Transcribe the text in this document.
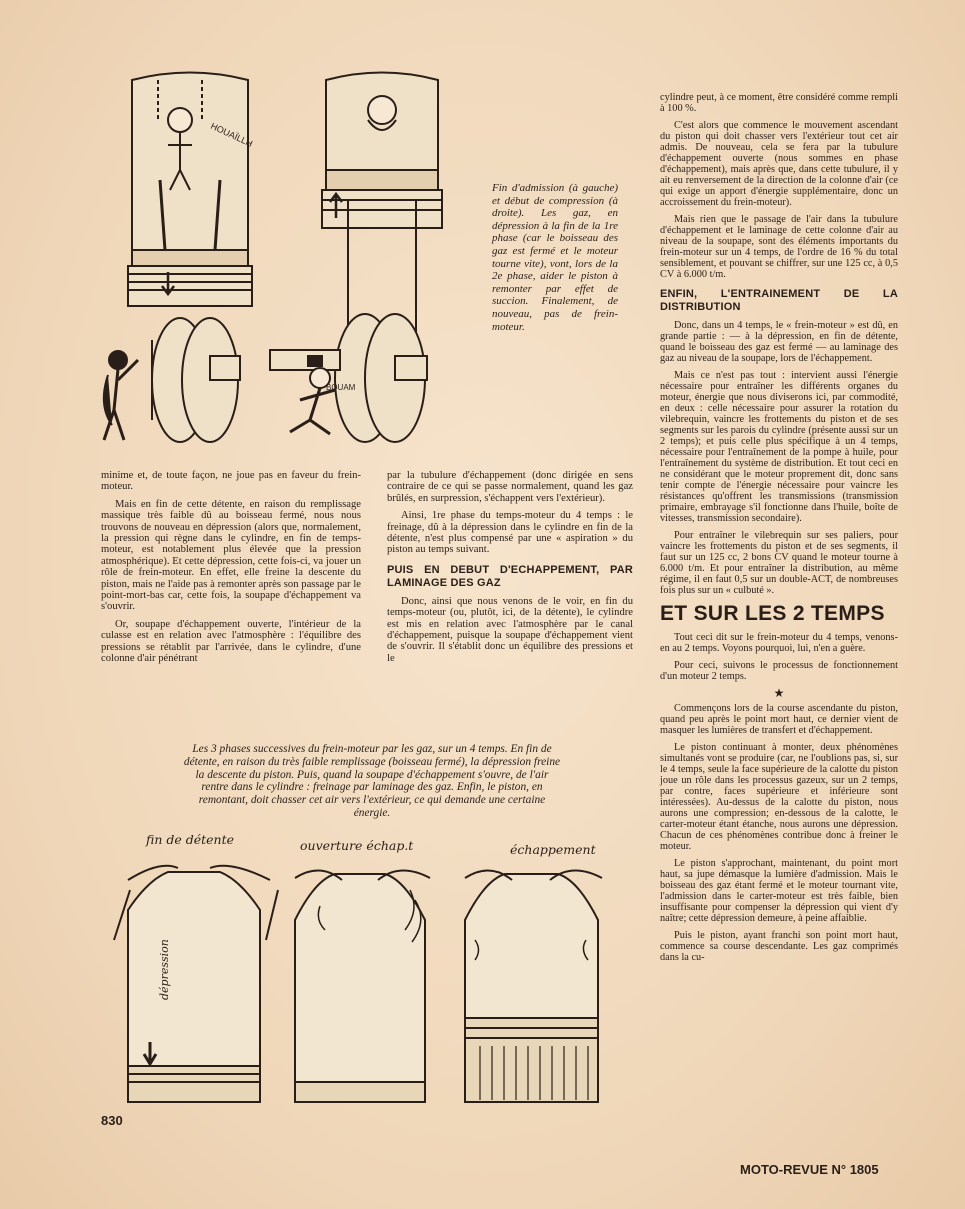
HOUAÏLLH
BOUAM
Fin d'admission (à gauche) et début de compression (à droite). Les gaz, en dépression à la fin de la 1re phase (car le boisseau des gaz est fermé et le moteur tourne vite), vont, lors de la 2e phase, aider le piston à remonter par effet de succion. Finalement, de nouveau, pas de frein-moteur.

minime et, de toute façon, ne joue pas en faveur du frein-moteur.

Mais en fin de cette détente, en raison du remplissage massique très faible dû au boisseau fermé, nous nous trouvons de nouveau en dépression (alors que, normalement, la pression qui règne dans le cylindre, en fin de temps-moteur, est notablement plus élevée que la pression atmosphérique). Et cette dépression, cette fois-ci, va jouer un rôle de frein-moteur. En effet, elle freine la descente du piston, mais ne l'aide pas à remonter après son passage par le point-mort-bas car, cette fois, la soupape d'échappement va s'ouvrir.

Or, soupape d'échappement ouverte, l'intérieur de la culasse est en relation avec l'atmosphère : l'équilibre des pressions se rétablit par l'arrivée, dans le cylindre, d'une colonne d'air pénétrant

par la tubulure d'échappement (donc dirigée en sens contraire de ce qui se passe normalement, quand les gaz brûlés, en surpression, s'échappent vers l'extérieur).

Ainsi, 1re phase du temps-moteur du 4 temps : le freinage, dû à la dépression dans le cylindre en fin de la détente, n'est plus compensé par une « aspiration » du piston au temps suivant.

PUIS EN DEBUT D'ECHAPPEMENT, PAR LAMINAGE DES GAZ

Donc, ainsi que nous venons de le voir, en fin du temps-moteur (ou, plutôt, ici, de la détente), le cylindre est mis en relation avec l'atmosphère par le canal d'échappement, puisque la soupape d'échappement vient de s'ouvrir. Il s'établit donc un équilibre des pressions et le

cylindre peut, à ce moment, être considéré comme rempli à 100 %.

C'est alors que commence le mouvement ascendant du piston qui doit chasser vers l'extérieur tout cet air admis. De nouveau, cela se fera par la tubulure d'échappement ouverte (nous sommes en phase d'échappement), mais après que, dans cette tubulure, il y ait eu renversement de la direction de la colonne d'air (ce qui exige un apport d'énergie supplémentaire, donc un accroissement du frein-moteur).

Mais rien que le passage de l'air dans la tubulure d'échappement et le laminage de cette colonne d'air au niveau de la soupape, sont des éléments importants du frein-moteur sur un 4 temps, de l'ordre de 16 % du total sensiblement, et pouvant se chiffrer, sur une 125 cc, à 0,5 CV à 6.000 t/m.

ENFIN, L'ENTRAINEMENT DE LA DISTRIBUTION

Donc, dans un 4 temps, le « frein-moteur » est dû, en grande partie : — à la dépression, en fin de détente, quand le boisseau des gaz est fermé — au laminage des gaz au niveau de la soupape, lors de l'échappement.

Mais ce n'est pas tout : intervient aussi l'énergie nécessaire pour entraîner les différents organes du moteur, énergie que nous diviserons ici, par commodité, en deux : celle nécessaire pour assurer la rotation du vilebrequin, vaincre les frottements du piston et de ses segments sur les parois du cylindre (présente aussi sur un 2 temps); et puis celle plus spécifique à un 4 temps, nécessaire pour l'entraînement de la pompe à huile, pour l'entraînement du système de distribution. Et tout ceci en ne considérant que le moteur proprement dit, donc sans tenir compte de l'énergie nécessaire pour vaincre les résistances qu'offrent les transmissions (transmission primaire, embrayage s'il fonctionne dans l'huile, boîte de vitesses, transmission secondaire).

Pour entraîner le vilebrequin sur ses paliers, pour vaincre les frottements du piston et de ses segments, il faut sur un 125 cc, 2 bons CV quand le moteur tourne à 6.000 t/m. Et pour entraîner la distribution, au même régime, il en faut 0,5 sur un double-ACT, de nombreuses fois plus sur un « culbuté ».

ET SUR LES 2 TEMPS

Tout ceci dit sur le frein-moteur du 4 temps, venons-en au 2 temps. Voyons pourquoi, lui, n'en a guère.

Pour ceci, suivons le processus de fonctionnement d'un moteur 2 temps.

★

Commençons lors de la course ascendante du piston, quand peu après le point mort haut, ce dernier vient de masquer les lumières de transfert et d'échappement.

Le piston continuant à monter, deux phénomènes simultanés vont se produire (car, ne l'oublions pas, si, sur le 4 temps, seule la face supérieure de la calotte du piston joue un rôle dans les processus gazeux, sur un 2 temps, par contre, faces supérieure et inférieure sont intéressées). Au-dessus de la calotte du piston, nous aurons une compression; en-dessous de la calotte, le carter-moteur étant étanche, nous aurons une dépression. Chacun de ces phénomènes contribue donc à freiner le moteur.

Le piston s'approchant, maintenant, du point mort haut, sa jupe démasque la lumière d'admission. Mais le boisseau des gaz étant fermé et le moteur tournant vite, l'admission dans le carter-moteur est très faible, bien insuffisante pour compenser la dépression qui vient d'y naître; cette dépression demeure, à peine affaiblie.

Puis le piston, ayant franchi son point mort haut, commence sa course descendante. Les gaz comprimés dans la cu-

Les 3 phases successives du frein-moteur par les gaz, sur un 4 temps. En fin de détente, en raison du très faible remplissage (boisseau fermé), la dépression freine la descente du piston. Puis, quand la soupape d'échappement s'ouvre, de l'air rentre dans le cylindre : freinage par laminage des gaz. Enfin, le piston, en remontant, doit chasser cet air vers l'extérieur, ce qui demande une certaine énergie.
fin de détente	ouverture échap.t	échappement
dépression
830
MOTO-REVUE N° 1805
